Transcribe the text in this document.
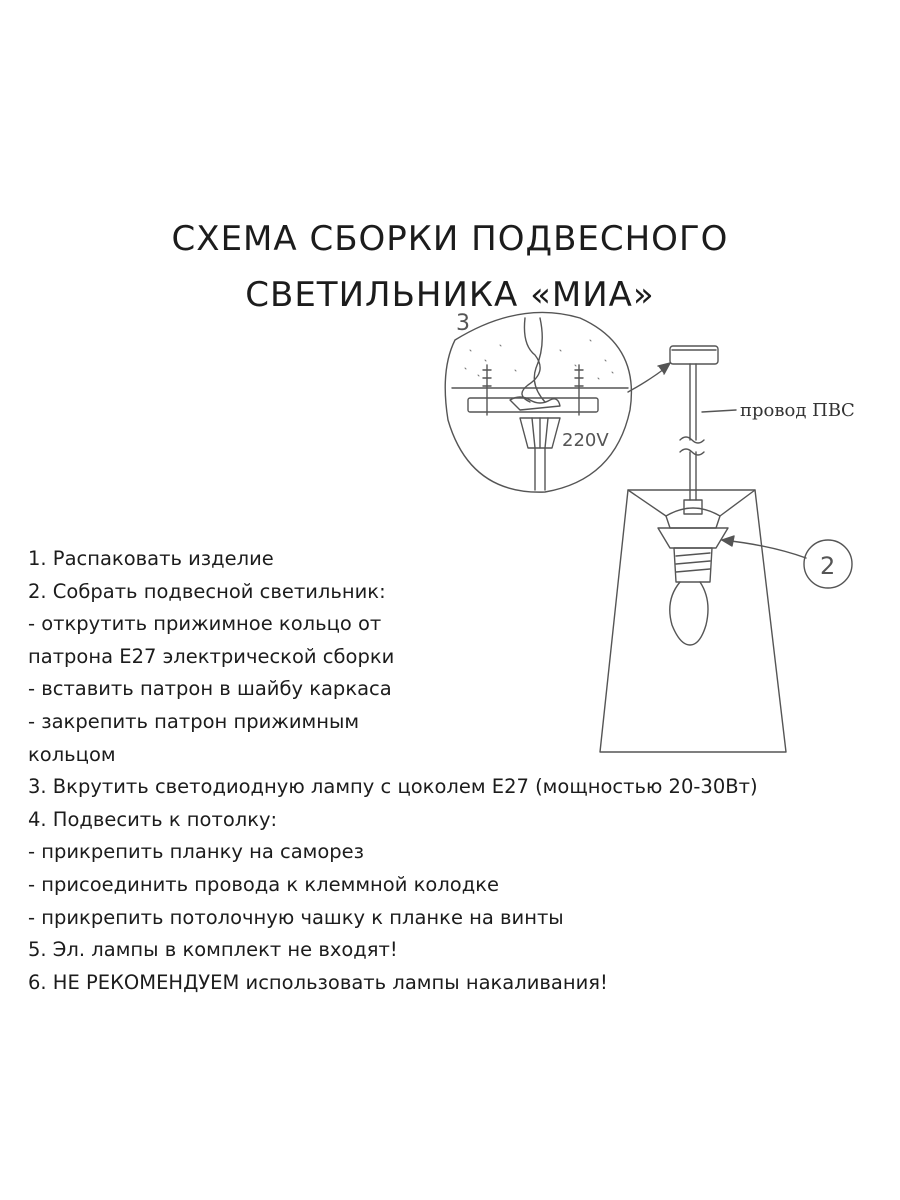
СХЕМА СБОРКИ ПОДВЕСНОГО
СВЕТИЛЬНИКА «МИА»
3
220V
провод ПВС
2
1. Распаковать изделие
2. Собрать подвесной светильник:
- открутить прижимное кольцо от
патрона Е27 электрической сборки
- вставить патрон в шайбу каркаса
- закрепить патрон прижимным
кольцом
3. Вкрутить светодиодную лампу с цоколем Е27 (мощностью 20-30Вт)
4. Подвесить к потолку:
- прикрепить планку на саморез
- присоединить провода к клеммной колодке
- прикрепить потолочную чашку к планке на винты
5. Эл. лампы в комплект не входят!
6. НЕ РЕКОМЕНДУЕМ использовать лампы накаливания!
